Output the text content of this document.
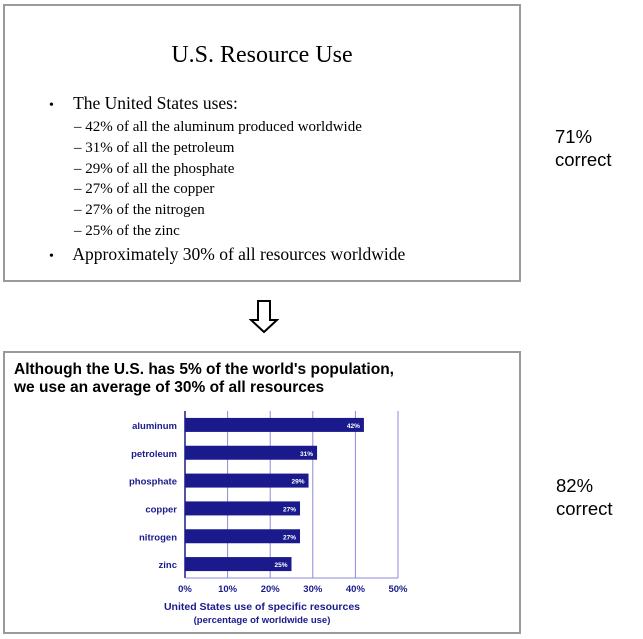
U.S. Resource Use
• The United States uses:
– 42% of all the aluminum produced worldwide
– 31% of all the petroleum
– 29% of all the phosphate
– 27% of all the copper
– 27% of the nitrogen
– 25% of the zinc
• Approximately 30% of all resources worldwide
71%
correct
Although the U.S. has 5% of the world's population,
we use an average of 30% of all resources
0%	10% 20% 30% 40% 50%
42%
aluminum
31%
petroleum
29%
phosphate
27%
copper
27%
nitrogen
25%
zinc
United States use of specific resources
(percentage of worldwide use)
82%
correct
